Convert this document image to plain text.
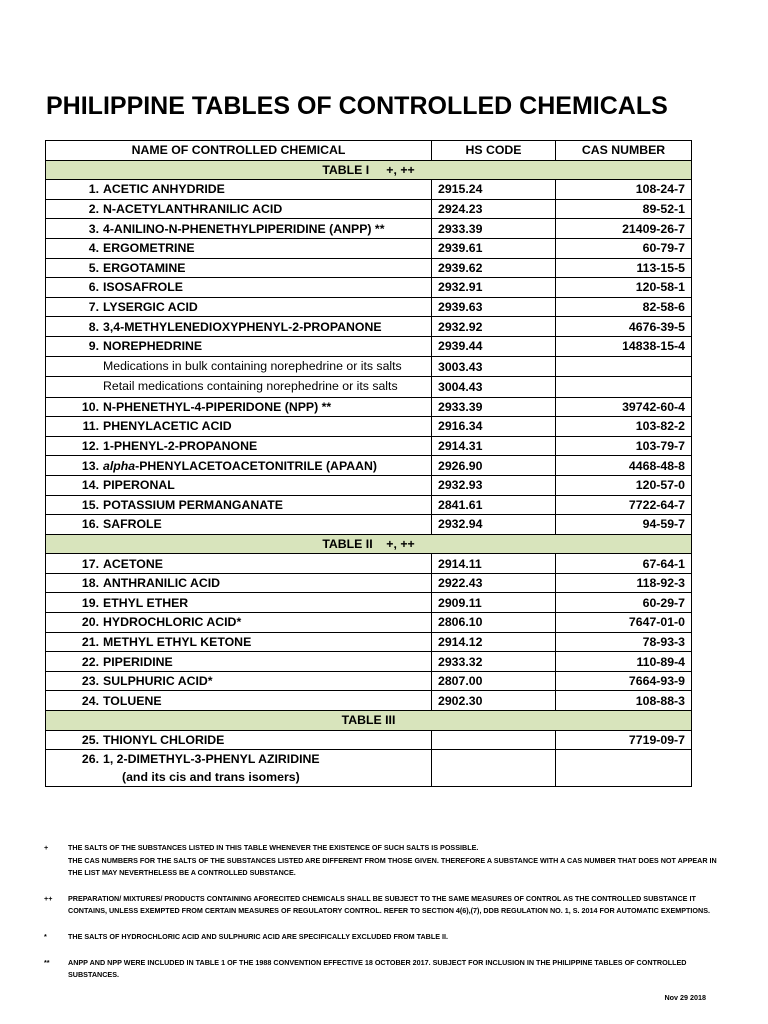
PHILIPPINE TABLES OF CONTROLLED CHEMICALS
NAME OF CONTROLLED CHEMICAL	HS CODE	CAS NUMBER
TABLE I     +, ++		
1. ACETIC ANHYDRIDE	2915.24	108-24-7
2. N-ACETYLANTHRANILIC ACID	2924.23	89-52-1
3. 4-ANILINO-N-PHENETHYLPIPERIDINE (ANPP) **	2933.39	21409-26-7
4. ERGOMETRINE	2939.61	60-79-7
5. ERGOTAMINE	2939.62	113-15-5
6. ISOSAFROLE	2932.91	120-58-1
7. LYSERGIC ACID	2939.63	82-58-6
8. 3,4-METHYLENEDIOXYPHENYL-2-PROPANONE	2932.92	4676-39-5
9. NOREPHEDRINE	2939.44	14838-15-4

Medications in bulk containing norephedrine or its salts	3003.43	

Retail medications containing norephedrine or its salts	3004.43	
10. N-PHENETHYL-4-PIPERIDONE (NPP) **	2933.39	39742-60-4
11. PHENYLACETIC ACID	2916.34	103-82-2
12. 1-PHENYL-2-PROPANONE	2914.31	103-79-7
13. alpha-PHENYLACETOACETONITRILE (APAAN)	2926.90	4468-48-8
14. PIPERONAL	2932.93	120-57-0
15. POTASSIUM PERMANGANATE	2841.61	7722-64-7
16. SAFROLE	2932.94	94-59-7
TABLE II    +, ++		
17. ACETONE	2914.11	67-64-1
18. ANTHRANILIC ACID	2922.43	118-92-3
19. ETHYL ETHER	2909.11	60-29-7
20. HYDROCHLORIC ACID*	2806.10	7647-01-0
21. METHYL ETHYL KETONE	2914.12	78-93-3
22. PIPERIDINE	2933.32	110-89-4
23. SULPHURIC ACID*	2807.00	7664-93-9
24. TOLUENE	2902.30	108-88-3
TABLE III		
25. THIONYL CHLORIDE		7719-09-7
26. 1, 2-DIMETHYL-3-PHENYL AZIRIDINE
(and its cis and trans isomers)		

+	THE SALTS OF THE SUBSTANCES LISTED IN THIS TABLE WHENEVER THE EXISTENCE OF SUCH SALTS IS POSSIBLE.

THE CAS NUMBERS FOR THE SALTS OF THE SUBSTANCES LISTED ARE DIFFERENT FROM THOSE GIVEN. THEREFORE A SUBSTANCE WITH A CAS NUMBER THAT DOES NOT APPEAR IN THE LIST MAY NEVERTHELESS BE A CONTROLLED SUBSTANCE.

++ PREPARATION/ MIXTURES/ PRODUCTS CONTAINING AFORECITED CHEMICALS SHALL BE SUBJECT TO THE SAME MEASURES OF CONTROL AS THE CONTROLLED SUBSTANCE IT CONTAINS, UNLESS EXEMPTED FROM CERTAIN MEASURES OF REGULATORY CONTROL. REFER TO SECTION 4(6),(7), DDB REGULATION NO. 1, S. 2014 FOR AUTOMATIC EXEMPTIONS.

*	THE SALTS OF HYDROCHLORIC ACID AND SULPHURIC ACID ARE SPECIFICALLY EXCLUDED FROM TABLE II.

**	ANPP AND NPP WERE INCLUDED IN TABLE 1 OF THE 1988 CONVENTION EFFECTIVE 18 OCTOBER 2017. SUBJECT FOR INCLUSION IN THE PHILIPPINE TABLES OF CONTROLLED SUBSTANCES.

Nov 29 2018
